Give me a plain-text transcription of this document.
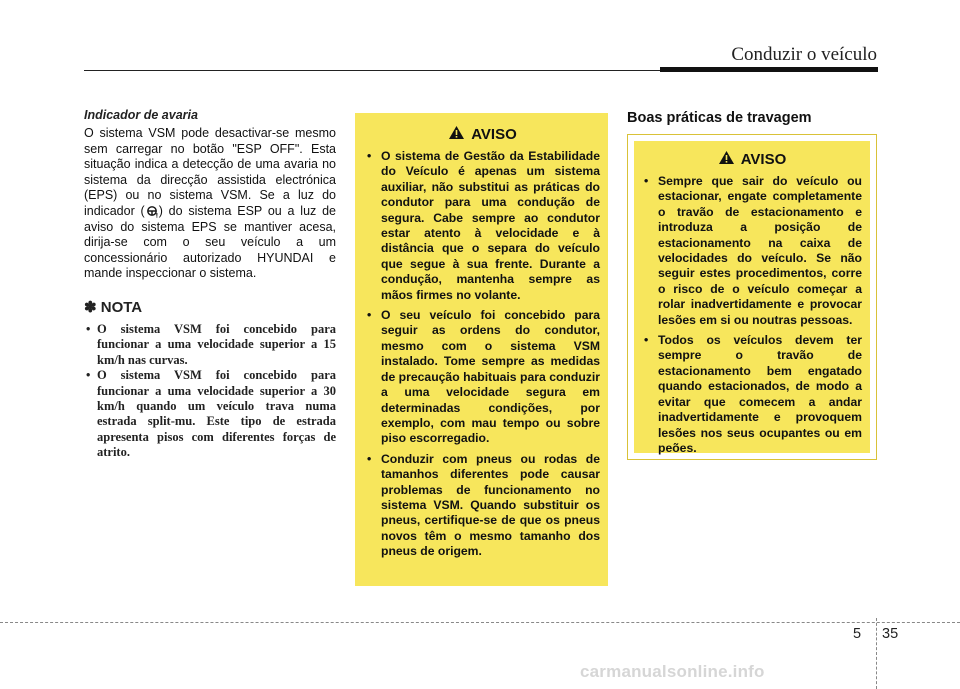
Conduzir o veículo
Indicador de avaria

O sistema VSM pode desactivar-se mesmo sem carregar no botão "ESP OFF". Esta situação indica a detecção de uma avaria no sistema da direcção assistida electrónica (EPS) ou no sistema VSM. Se a luz do indicador ( ! ) do sistema ESP ou a luz de aviso do sistema EPS se mantiver acesa, dirija-se com o seu veículo a um concessionário autorizado HYUNDAI e mande inspeccionar o sistema.

✽ NOTA
• O sistema VSM foi concebido para funcionar a uma velocidade superior a 15 km/h nas curvas.
• O sistema VSM foi concebido para funcionar a uma velocidade superior a 30 km/h quando um veículo trava numa estrada split-mu. Este tipo de estrada apresenta pisos com diferentes forças de atrito.
AVISO
• O sistema de Gestão da Estabilidade do Veículo é apenas um sistema auxiliar, não substitui as práticas do condutor para uma condução de segura. Cabe sempre ao condutor estar atento à velocidade e à distância que o separa do veículo que segue à sua frente. Durante a condução, mantenha sempre as mãos firmes no volante.
• O seu veículo foi concebido para seguir as ordens do condutor, mesmo com o sistema VSM instalado. Tome sempre as medidas de precaução habituais para conduzir a uma velocidade segura em determinadas condições, por exemplo, com mau tempo ou sobre piso escorregadio.
• Conduzir com pneus ou rodas de tamanhos diferentes pode causar problemas de funcionamento no sistema VSM. Quando substituir os pneus, certifique-se de que os pneus novos têm o mesmo tamanho dos pneus de origem.
Boas práticas de travagem
AVISO
• Sempre que sair do veículo ou estacionar, engate completamente o travão de estacionamento e introduza a posição de estacionamento na caixa de velocidades do veículo. Se não seguir estes procedimentos, corre o risco de o veículo começar a rolar inadvertidamente e provocar lesões em si ou noutras pessoas.
• Todos os veículos devem ter sempre o travão de estacionamento bem engatado quando estacionados, de modo a evitar que comecem a andar inadvertidamente e provoquem lesões nos seus ocupantes ou em peões.
5 35
carmanualsonline.info
